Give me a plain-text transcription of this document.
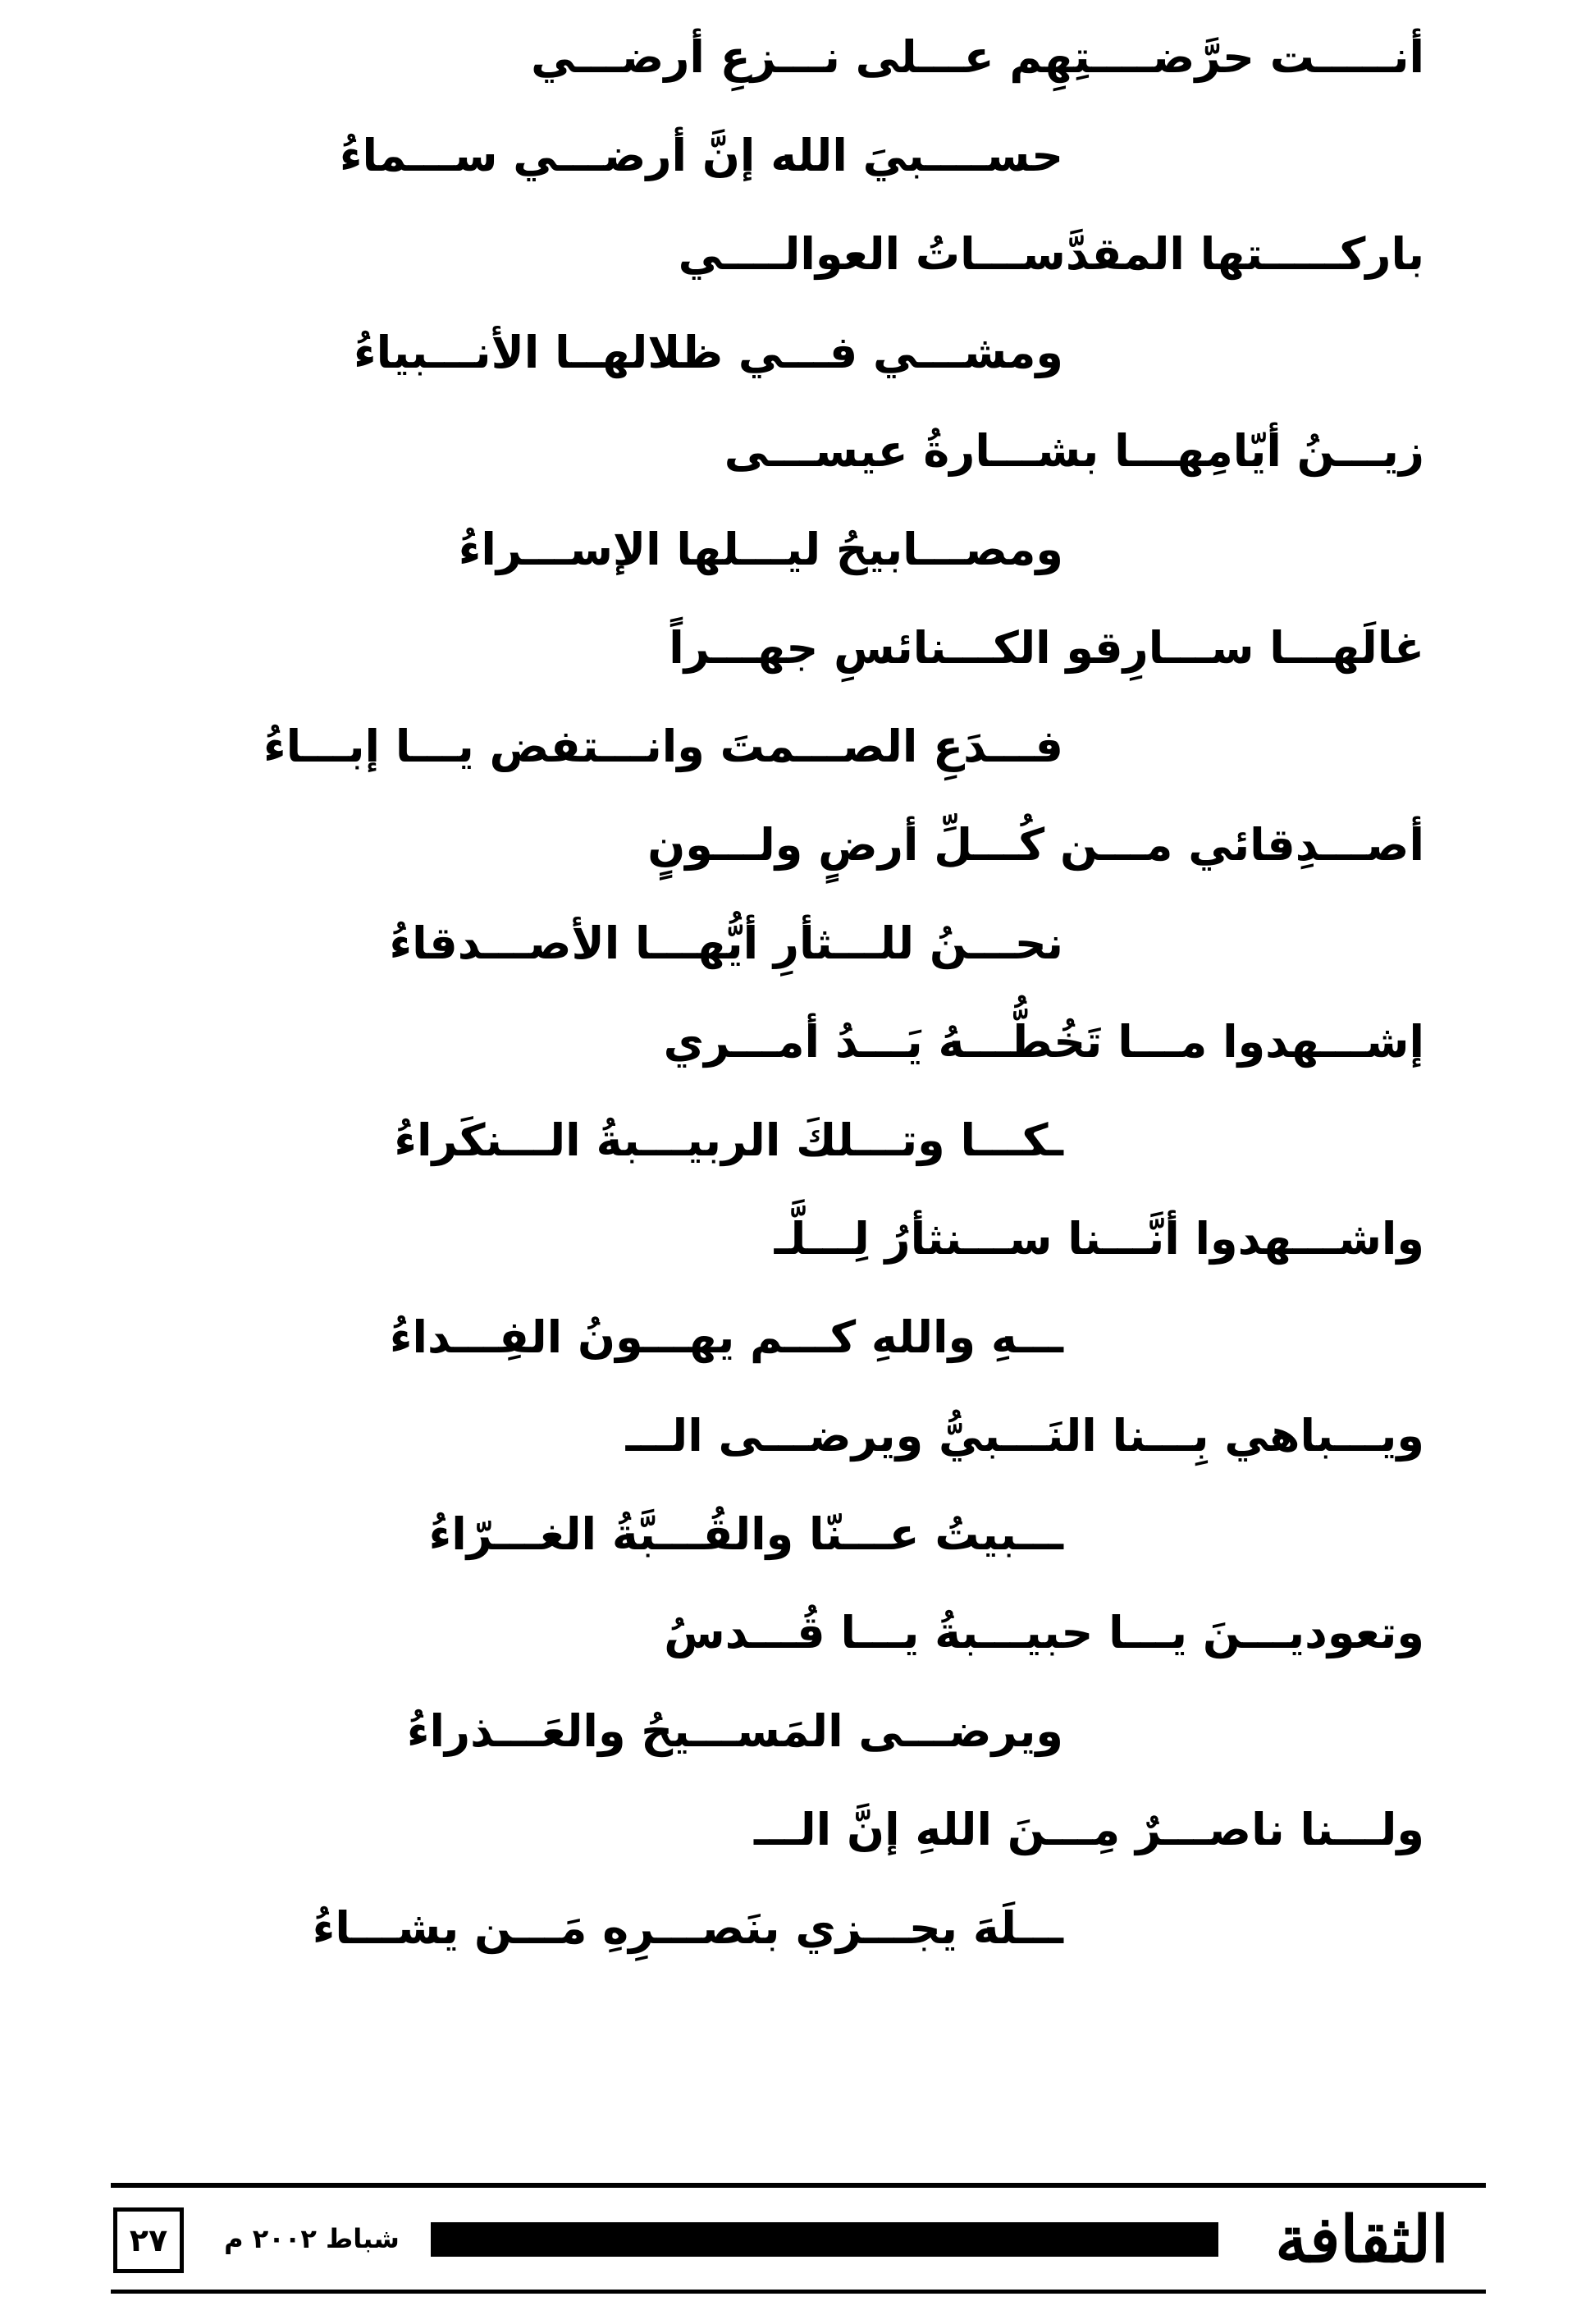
أنـــــت حرَّضــــتِهِم عـــلى نـــزعِ أرضـــي
حســــبيَ الله إنَّ أرضـــي ســـماءُ
باركـــــتها المقدَّســـاتُ العوالــــي
ومشـــي فـــي ظلالهــا الأنـــبياءُ
زيـــنُ أيّامِهـــا بشـــارةُ عيســـى
ومصـــابيحُ ليـــلها الإســـراءُ
غالَهـــا ســـارِقو الكـــنائسِ جهـــراً
فـــدَعِ الصـــمتَ وانـــتفض يـــا إبـــاءُ
أصـــدِقائي مـــن كُـــلِّ أرضٍ ولـــونٍ
نحـــنُ للـــثأرِ أيُّهـــا الأصـــدقاءُ
إشـــهدوا مـــا تَخُطُّـــهُ يَـــدُ أمـــري
ـكـــا وتـــلكَ الربيـــبةُ الـــنكَراءُ
واشـــهدوا أنَّـــنا ســـنثأرُ لِـــلَّـ
ـــهِ واللهِ كـــم يهـــونُ الفِـــداءُ
ويـــباهي بِـــنا النَـــبيُّ ويرضـــى الـــ
ـــبيتُ عـــنّا والقُـــبَّةُ الغـــرّاءُ
وتعوديـــنَ يـــا حبيـــبةُ يـــا قُـــدسُ
ويرضـــى المَســـيحُ والعَـــذراءُ
ولـــنا ناصـــرٌ مِـــنَ اللهِ إنَّ الـــ
ـــلَهَ يجـــزي بنَصـــرِهِ مَـــن يشـــاءُ
٢٧	شباط ٢٠٠٢ م	الثقافة
